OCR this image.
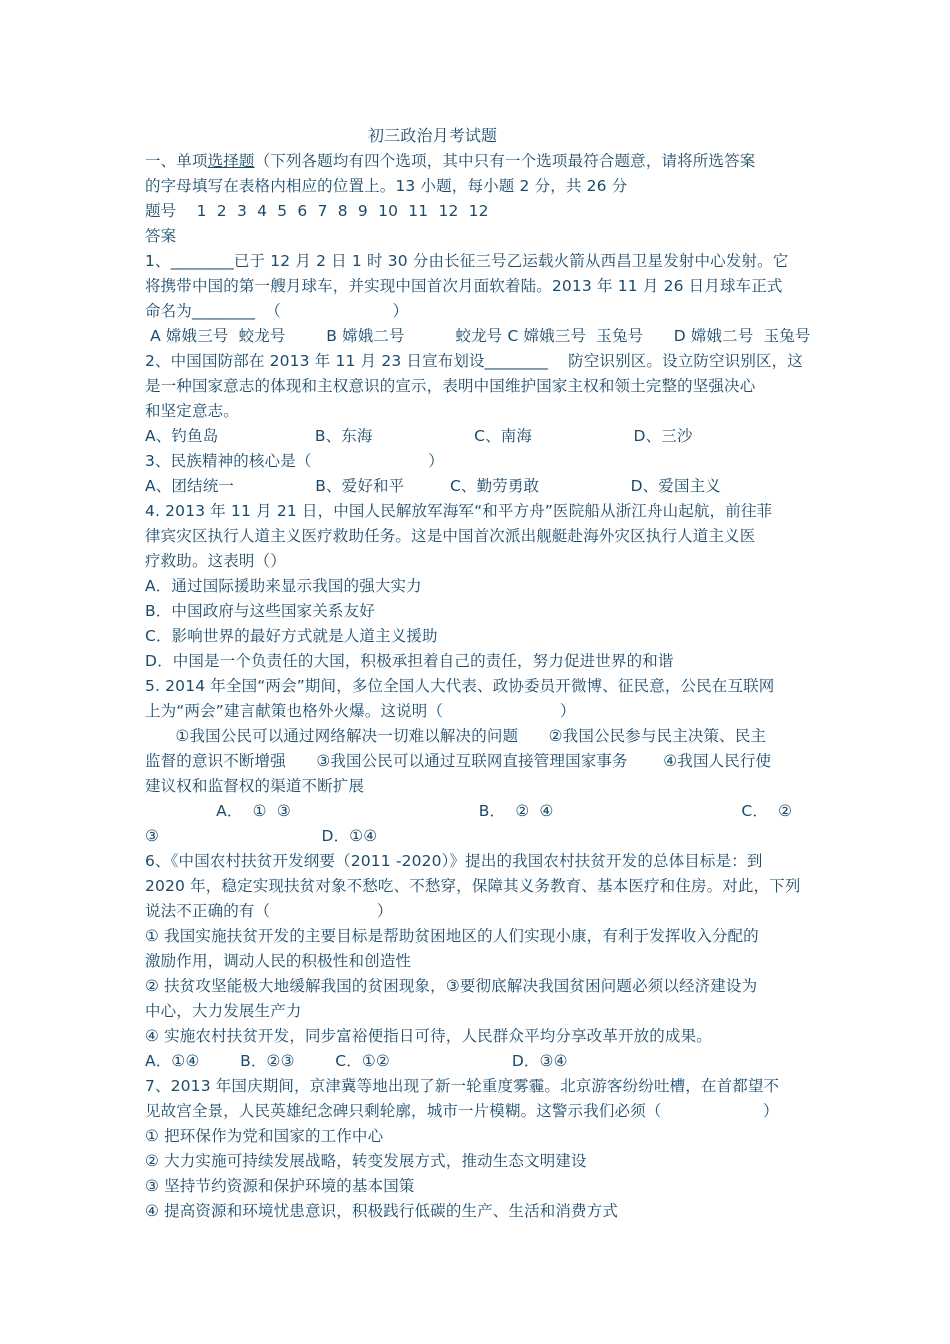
初三政治月考试题
一、单项选择题（下列各题均有四个选项，其中只有一个选项最符合题意，请将所选答案
的字母填写在表格内相应的位置上。13 小题，每小题 2 分，共 26 分
题号    1  2  3  4  5  6  7  8  9  10  11  12  12
答案
1、________已于 12 月 2 日 1 时 30 分由长征三号乙运载火箭从西昌卫星发射中心发射。它
将携带中国的第一艘月球车，并实现中国首次月面软着陆。2013 年 11 月 26 日月球车正式
命名为________  （                      ）
A 嫦娥三号  蛟龙号        B 嫦娥二号          蛟龙号 C 嫦娥三号  玉兔号      D 嫦娥二号  玉兔号
2、中国国防部在 2013 年 11 月 23 日宣布划设________    防空识别区。设立防空识别区，这
是一种国家意志的体现和主权意识的宣示，表明中国维护国家主权和领土完整的坚强决心
和坚定意志。
A、钓鱼岛                   B、东海                    C、南海                    D、三沙
3、民族精神的核心是（                       ）
A、团结统一                B、爱好和平         C、勤劳勇敢                  D、爱国主义
4. 2013 年 11 月 21 日，中国人民解放军海军“和平方舟”医院船从浙江舟山起航，前往菲
律宾灾区执行人道主义医疗救助任务。这是中国首次派出舰艇赴海外灾区执行人道主义医
疗救助。这表明（）
A．通过国际援助来显示我国的强大实力
B．中国政府与这些国家关系友好
C．影响世界的最好方式就是人道主义援助
D．中国是一个负责任的大国，积极承担着自己的责任，努力促进世界的和谐
5. 2014 年全国“两会”期间，多位全国人大代表、政协委员开微博、征民意，公民在互联网
上为“两会”建言献策也格外火爆。这说明（                       ）
①我国公民可以通过网络解决一切难以解决的问题      ②我国公民参与民主决策、民主
监督的意识不断增强      ③我国公民可以通过互联网直接管理国家事务       ④我国人民行使
建议权和监督权的渠道不断扩展
A．  ①  ③                                     B．  ②  ④                                     C．  ②
③                                D．①④
6、《中国农村扶贫开发纲要（2011 -2020）》提出的我国农村扶贫开发的总体目标是：到
2020 年，稳定实现扶贫对象不愁吃、不愁穿，保障其义务教育、基本医疗和住房。对此，下列
说法不正确的有（                     ）
① 我国实施扶贫开发的主要目标是帮助贫困地区的人们实现小康，有利于发挥收入分配的
激励作用，调动人民的积极性和创造性
② 扶贫攻坚能极大地缓解我国的贫困现象，③要彻底解决我国贫困问题必须以经济建设为
中心，大力发展生产力
④ 实施农村扶贫开发，同步富裕便指日可待，人民群众平均分享改革开放的成果。
A．①④        B．②③        C．①②                        D．③④
7、2013 年国庆期间，京津冀等地出现了新一轮重度雾霾。北京游客纷纷吐槽，在首都望不
见故宫全景，人民英雄纪念碑只剩轮廓，城市一片模糊。这警示我们必须（                    ）
① 把环保作为党和国家的工作中心
② 大力实施可持续发展战略，转变发展方式，推动生态文明建设
③ 坚持节约资源和保护环境的基本国策
④ 提高资源和环境忧患意识，积极践行低碳的生产、生活和消费方式
